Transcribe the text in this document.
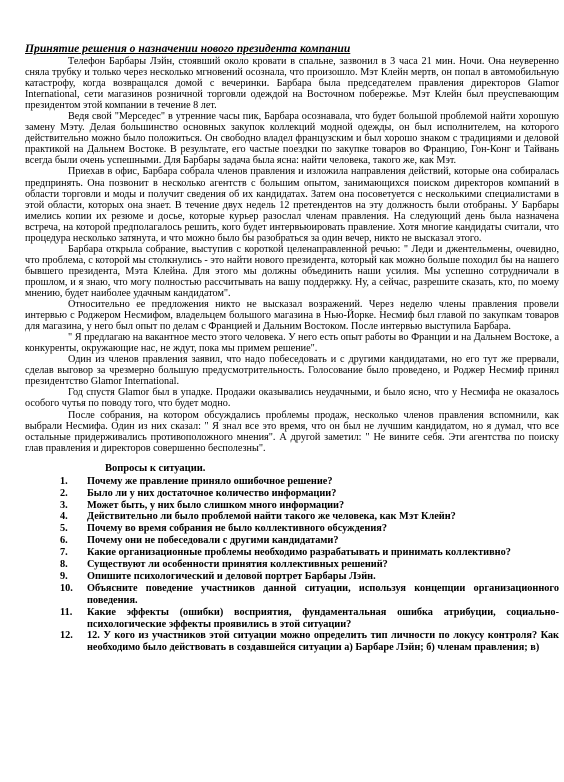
Принятие решения о назначении нового президента компании

Телефон Барбары Лэйн, стоявший около кровати в спальне, зазвонил в 3 часа 21 мин. Ночи. Она неуверенно сняла трубку и только через несколько мгновений осознала, что произошло. Мэт Клейн мертв, он попал в автомобильную катастрофу, когда возвращался домой с вечеринки. Барбара была председателем правления директоров Glamor International, сети магазинов розничной торговли одеждой на Восточном побережье. Мэт Клейн был преуспевающим президентом этой компании в течение 8 лет.

Ведя свой "Мерседес" в утренние часы пик, Барбара осознавала, что будет большой проблемой найти хорошую замену Мэту. Делая большинство основных закупок коллекций модной одежды, он был исполнителем, на которого действительно можно было положиться. Он свободно владел французским и был хорошо знаком с традициями и деловой практикой на Дальнем Востоке. В результате, его частые поездки по закупке товаров во Францию, Гон-Конг и Тайвань всегда были очень успешными. Для Барбары задача была ясна: найти человека, такого же, как Мэт.

Приехав в офис, Барбара собрала членов правления и изложила направления действий, которые она собиралась предпринять. Она позвонит в несколько агентств с большим опытом, занимающихся поиском директоров компаний в области торговли и моды и получит сведения об их кандидатах. Затем она посоветуется с несколькими специалистами в этой области, которых она знает. В течение двух недель 12 претендентов на эту должность были отобраны. У Барбары имелись копии их резюме и досье, которые курьер разослал членам правления. На следующий день была назначена встреча, на которой предполагалось решить, кого будет интервьюировать правление. Хотя многие кандидаты считали, что процедура несколько затянута, и что можно было бы разобраться за один вечер, никто не высказал этого.

Барбара открыла собрание, выступив с короткой целенаправленной речью: " Леди и джентельмены, очевидно, что проблема, с которой мы столкнулись - это найти нового президента, который как можно больше походил бы на нашего бывшего президента, Мэта Клейна. Для этого мы должны объединить наши усилия. Мы успешно сотрудничали в прошлом, и я знаю, что могу полностью рассчитывать на вашу поддержку. Ну, а сейчас, разрешите сказать, кто, по моему мнению, будет наиболее удачным кандидатом".

Относительно ее предложения никто не высказал возражений. Через неделю члены правления провели интервью с Роджером Несмифом, владельцем большого магазина в Нью-Йорке. Несмиф был главой по закупкам товаров для магазина, у него был опыт по делам с Францией и Дальним Востоком. После интервью выступила Барбара.

" Я предлагаю на вакантное место этого человека. У него есть опыт работы во Франции и на Дальнем Востоке, а конкуренты, окружающие нас, не ждут, пока мы примем решение".

Один из членов правления заявил, что надо побеседовать и с другими кандидатами, но его тут же прервали, сделав выговор за чрезмерно большую предусмотрительность. Голосование было проведено, и Роджер Несмиф принял президентство Glamor International.

Год спустя Glamor был в упадке. Продажи оказывались неудачными, и было ясно, что у Несмифа не оказалось особого чутья по поводу того, что будет модно.

После собрания, на котором обсуждались проблемы продаж, несколько членов правления вспомнили, как выбрали Несмифа. Один из них сказал: " Я знал все это время, что он был не лучшим кандидатом, но я думал, что все остальные придерживались противоположного мнения". А другой заметил: " Не вините себя. Эти агентства по поиску глав правления и директоров совершенно бесполезны".

Вопросы к ситуации.

1.	Почему же правление приняло ошибочное решение?
2.	Было ли у них достаточное количество информации?
3.	Может быть, у них было слишком много информации?
4.	Действительно ли было проблемой найти такого же человека, как Мэт Клейн?
5.	Почему во время собрания не было коллективного обсуждения?
6.	Почему они не побеседовали с другими кандидатами?
7.	Какие организационные проблемы необходимо разрабатывать и принимать коллективно?
8.	Существуют ли особенности принятия коллективных решений?
9.	Опишите психологический и деловой портрет Барбары Лэйн.
10.	Объясните поведение участников данной ситуации, используя концепции организационного поведения.
11.	Какие эффекты (ошибки) восприятия, фундаментальная ошибка атрибуции, социально-психологические эффекты проявились в этой ситуации?
12.	12. У кого из участников этой ситуации можно определить тип личности по локусу контроля? Как необходимо было действовать в создавшейся ситуации а) Барбаре Лэйн; б) членам правления; в)
